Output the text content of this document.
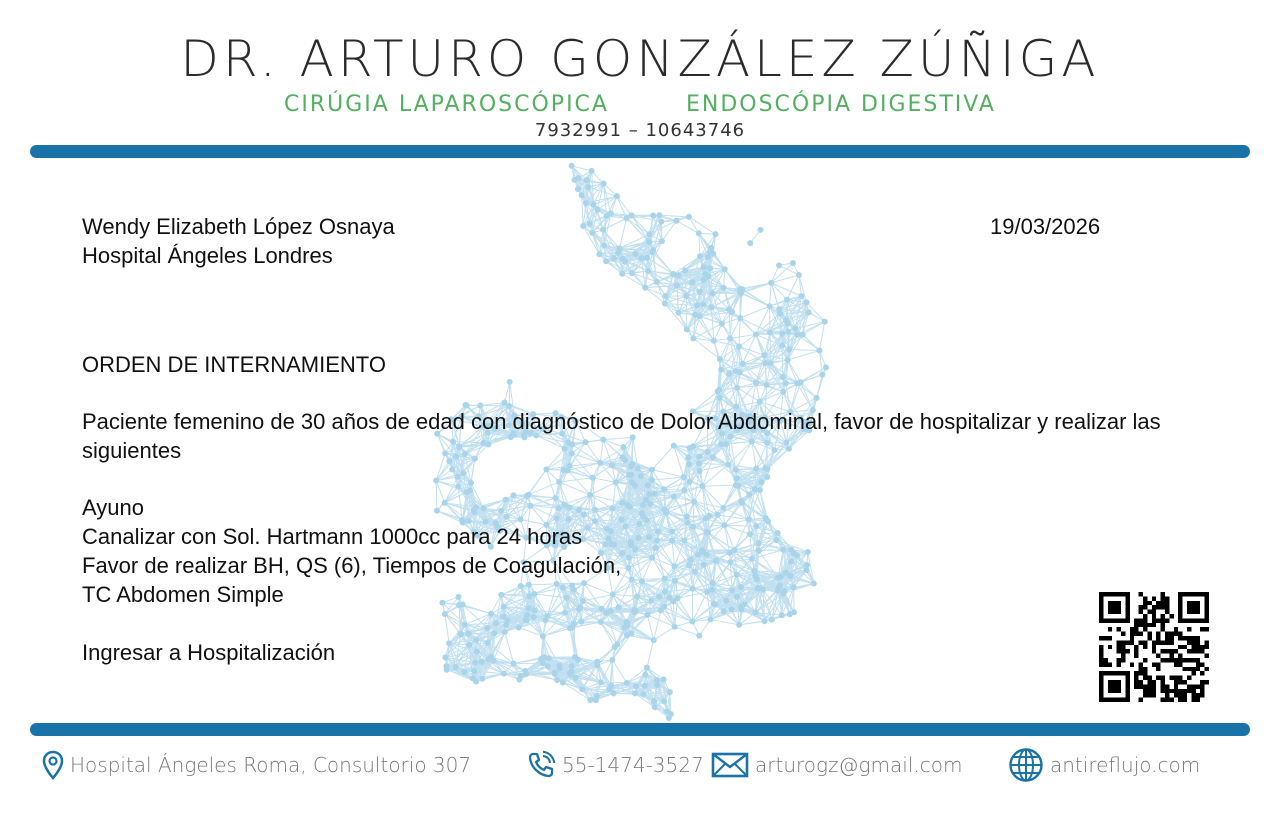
DR. ARTURO GONZÁLEZ ZÚÑIGA
CIRÚGIA LAPAROSCÓPICA	ENDOSCÓPIA DIGESTIVA
7932991 – 10643746
Wendy Elizabeth López Osnaya
Hospital Ángeles Londres
19/03/2026
ORDEN DE INTERNAMIENTO
Paciente femenino de 30 años de edad con diagnóstico de Dolor Abdominal, favor de hospitalizar y realizar las siguientes
Ayuno
Canalizar con Sol. Hartmann 1000cc para 24 horas
Favor de realizar BH, QS (6), Tiempos de Coagulación,
TC Abdomen Simple
Ingresar a Hospitalización
Hospital Ángeles Roma, Consultorio 307	55-1474-3527	arturogz@gmail.com	antireflujo.com
